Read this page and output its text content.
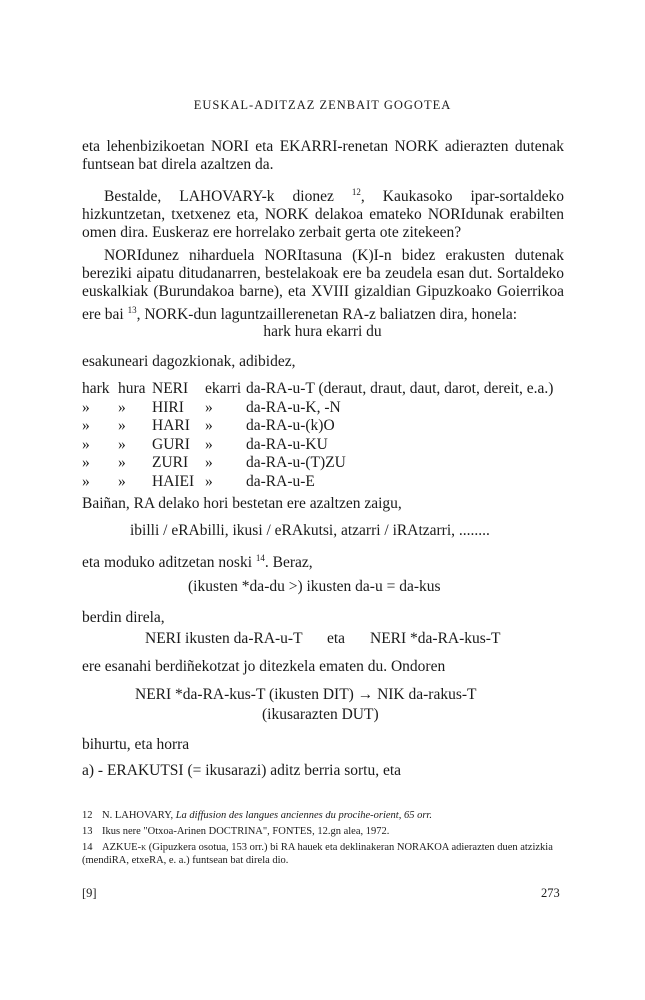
EUSKAL-ADITZAZ ZENBAIT GOGOTEA
eta lehenbizikoetan NORI eta EKARRI-renetan NORK adierazten dutenak funtsean bat direla azaltzen da.
Bestalde, LAHOVARY-k dionez $^{12}$, Kaukasoko ipar-sortaldeko hizkuntzetan, txetxenez eta, NORK delakoa emateko NORIdunak erabilten omen dira. Euskeraz ere horrelako zerbait gerta ote zitekeen?
NORIdunez niharduela NORItasuna (K)I-n bidez erakusten dutenak bereziki aipatu ditudanarren, bestelakoak ere ba zeudela esan dut. Sortaldeko euskalkiak (Burundakoa barne), eta XVIII gizaldian Gipuzkoako Goierrikoa ere bai $^{13}$, NORK-dun laguntzaillerenetan RA-z baliatzen dira, honela:
hark hura ekarri du
esakuneari dagozkionak, adibidez,
hark hura NERI ekarri da-RA-u-T (deraut, draut, daut, darot, dereit, e.a.)
» » HIRI » da-RA-u-K, -N
» » HARI » da-RA-u-(k)O
» » GURI » da-RA-u-KU
» » ZURI » da-RA-u-(T)ZU
» » HAIEI » da-RA-u-E
Baiñan, RA delako hori bestetan ere azaltzen zaigu,
ibilli / eRAbilli, ikusi / eRAkutsi, atzarri / iRAtzarri, ........
eta moduko aditzetan noski $^{14}$. Beraz,
(ikusten *da-du >) ikusten da-u = da-kus
berdin direla,
NERI ikusten da-RA-u-T eta NERI *da-RA-kus-T
ere esanahi berdiñekotzat jo ditezkela ematen du. Ondoren
NERI *da-RA-kus-T (ikusten DIT) → NIK da-rakus-T
(ikusarazten DUT)
bihurtu, eta horra
a) - ERAKUTSI (= ikusarazi) aditz berria sortu, eta
12 N. LAHOVARY, La diffusion des langues anciennes du procihe-orient, 65 orr.
13 Ikus nere "Otxoa-Arinen DOCTRINA", FONTES, 12.gn alea, 1972.
14 AZKUE-k (Gipuzkera osotua, 153 orr.) bi RA hauek eta deklinakeran NORAKOA adierazten duen atzizkia (mendiRA, etxeRA, e. a.) funtsean bat direla dio.
[9]	273
